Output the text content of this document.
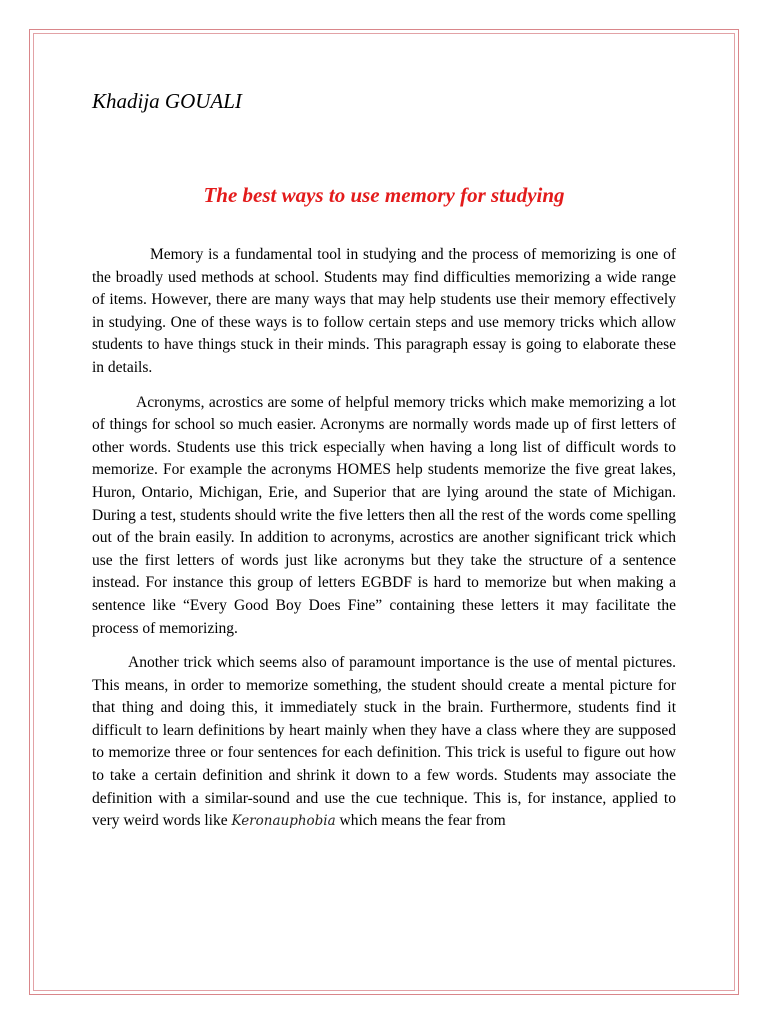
Khadija GOUALI

The best ways to use memory for studying

Memory is a fundamental tool in studying and the process of memorizing is one of the broadly used methods at school. Students may find difficulties memorizing a wide range of items. However, there are many ways that may help students use their memory effectively in studying. One of these ways is to follow certain steps and use memory tricks which allow students to have things stuck in their minds. This paragraph essay is going to elaborate these in details.

Acronyms, acrostics are some of helpful memory tricks which make memorizing a lot of things for school so much easier. Acronyms are normally words made up of first letters of other words. Students use this trick especially when having a long list of difficult words to memorize. For example the acronyms HOMES help students memorize the five great lakes, Huron, Ontario, Michigan, Erie, and Superior that are lying around the state of Michigan. During a test, students should write the five letters then all the rest of the words come spelling out of the brain easily. In addition to acronyms, acrostics are another significant trick which use the first letters of words just like acronyms but they take the structure of a sentence instead. For instance this group of letters EGBDF is hard to memorize but when making a sentence like “Every Good Boy Does Fine” containing these letters it may facilitate the process of memorizing.

Another trick which seems also of paramount importance is the use of mental pictures. This means, in order to memorize something, the student should create a mental picture for that thing and doing this, it immediately stuck in the brain. Furthermore, students find it difficult to learn definitions by heart mainly when they have a class where they are supposed to memorize three or four sentences for each definition. This trick is useful to figure out how to take a certain definition and shrink it down to a few words. Students may associate the definition with a similar-sound and use the cue technique. This is, for instance, applied to very weird words like Keronauphobia which means the fear from
